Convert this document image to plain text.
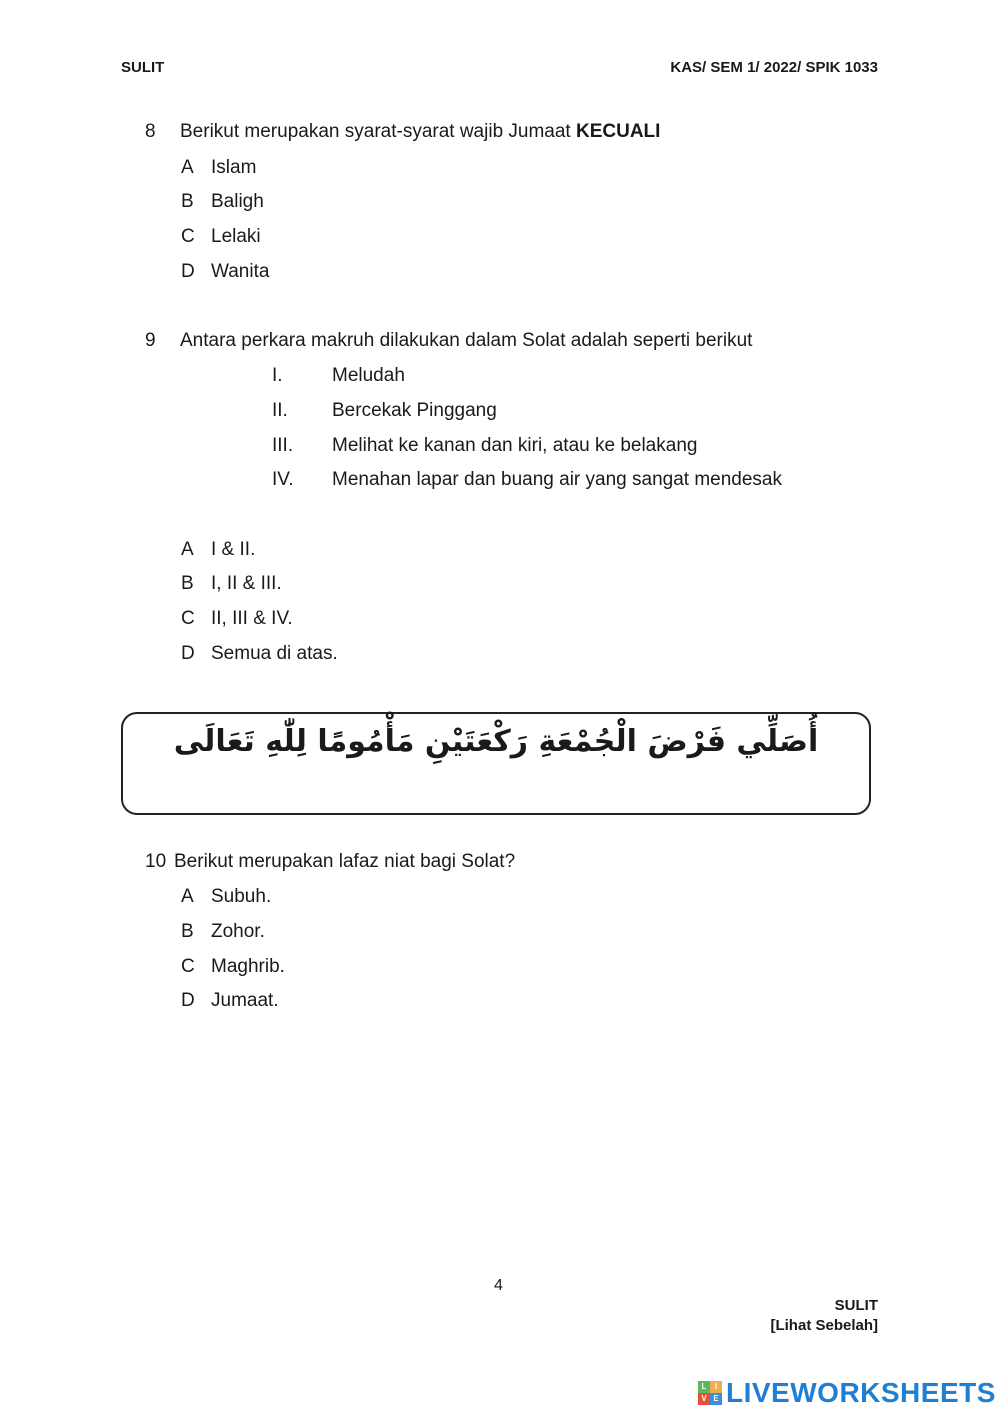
SULIT	KAS/ SEM 1/ 2022/ SPIK 1033
8 Berikut merupakan syarat-syarat wajib Jumaat KECUALI
A Islam
B Baligh
C Lelaki
D Wanita
9 Antara perkara makruh dilakukan dalam Solat adalah seperti berikut
I.	Meludah
II. Bercekak Pinggang
III. Melihat ke kanan dan kiri, atau ke belakang
IV. Menahan lapar dan buang air yang sangat mendesak
A I & II.
B I, II & III.
C II, III & IV.
D Semua di atas.
أُصَلِّي فَرْضَ الْجُمْعَةِ رَكْعَتَيْنِ مَأْمُومًا لِلّٰهِ تَعَالَى
10 Berikut merupakan lafaz niat bagi Solat?
A Subuh.
B Zohor.
C Maghrib.
D Jumaat.
4
SULIT
[Lihat Sebelah]
L	I
V E LIVEWORKSHEETS
